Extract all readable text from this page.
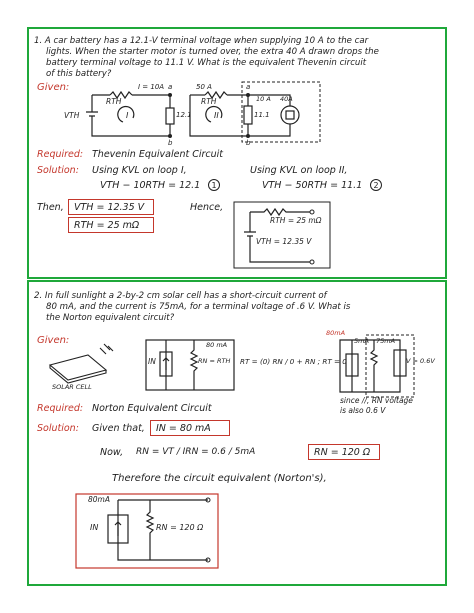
1. A car battery has a 12.1-V terminal voltage when supplying 10 A to the car
lights. When the starter motor is turned over, the extra 40 A drawn drops the
battery terminal voltage to 11.1 V. What is the equivalent Thevenin circuit
of this battery?
Given:
RTH
I = 10A
VTH	I	12.1
a
b
RTH
50 A
II	11.1
10 A 40A
a
b
Required: Thevenin Equivalent Circuit
Solution: Using KVL on loop I,
VTH − 10RTH = 12.1	1
Using KVL on loop II,
VTH − 50RTH = 11.1	2
Then, VTH = 12.35 V
RTH = 25 mΩ
Hence,
RTH = 25 mΩ
VTH = 12.35 V
2. In full sunlight a 2-by-2 cm solar cell has a short-circuit current of
80 mA, and the current is 75mA, for a terminal voltage of .6 V. What is
the Norton equivalent circuit?
Given:
SOLAR CELL
IN	RN = RTH
80 mA
RT = (0) RN / 0 + RN ; RT = 0
80mA
5mA 75mA
V = 0.6V
since //, RN voltage
is also 0.6 V
Required: Norton Equivalent Circuit
Solution: Given that, IN = 80 mA
Now, RN = VT / IRN = 0.6 / 5mA	RN = 120 Ω
Therefore the circuit equivalent (Norton's),
80mA
IN	RN = 120 Ω
